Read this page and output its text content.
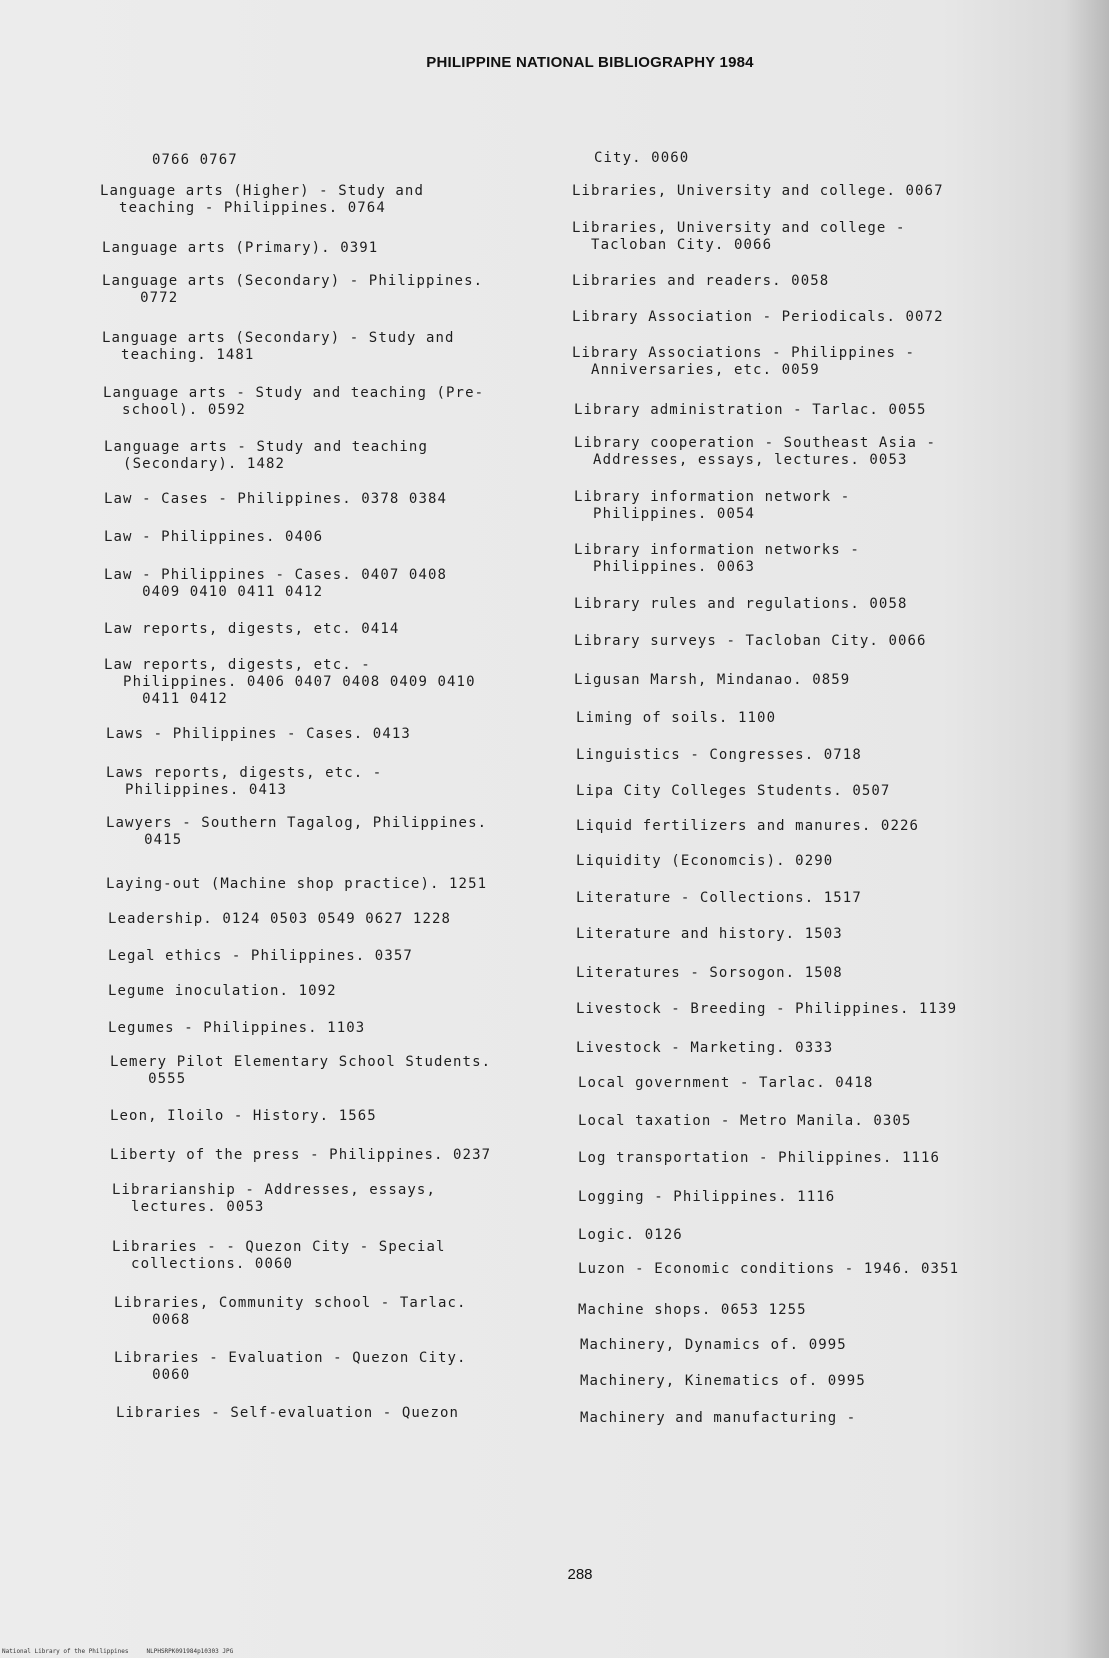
PHILIPPINE NATIONAL BIBLIOGRAPHY 1984
0766 0767
Language arts (Higher) - Study and
teaching - Philippines. 0764
Language arts (Primary). 0391
Language arts (Secondary) - Philippines.
0772
Language arts (Secondary) - Study and
teaching. 1481
Language arts - Study and teaching (Pre-
school). 0592
Language arts - Study and teaching
(Secondary). 1482
Law - Cases - Philippines. 0378 0384
Law - Philippines. 0406
Law - Philippines - Cases. 0407 0408
0409 0410 0411 0412
Law reports, digests, etc. 0414
Law reports, digests, etc. -
Philippines. 0406 0407 0408 0409 0410
0411 0412
Laws - Philippines - Cases. 0413
Laws reports, digests, etc. -
Philippines. 0413
Lawyers - Southern Tagalog, Philippines.
0415
Laying-out (Machine shop practice). 1251
Leadership. 0124 0503 0549 0627 1228
Legal ethics - Philippines. 0357
Legume inoculation. 1092
Legumes - Philippines. 1103
Lemery Pilot Elementary School Students.
0555
Leon, Iloilo - History. 1565
Liberty of the press - Philippines. 0237
Librarianship - Addresses, essays,
lectures. 0053
Libraries - - Quezon City - Special
collections. 0060
Libraries, Community school - Tarlac.
0068
Libraries - Evaluation - Quezon City.
0060
Libraries - Self-evaluation - Quezon
City. 0060
Libraries, University and college. 0067
Libraries, University and college -
Tacloban City. 0066
Libraries and readers. 0058
Library Association - Periodicals. 0072
Library Associations - Philippines -
Anniversaries, etc. 0059
Library administration - Tarlac. 0055
Library cooperation - Southeast Asia -
Addresses, essays, lectures. 0053
Library information network -
Philippines. 0054
Library information networks -
Philippines. 0063
Library rules and regulations. 0058
Library surveys - Tacloban City. 0066
Ligusan Marsh, Mindanao. 0859
Liming of soils. 1100
Linguistics - Congresses. 0718
Lipa City Colleges Students. 0507
Liquid fertilizers and manures. 0226
Liquidity (Economcis). 0290
Literature - Collections. 1517
Literature and history. 1503
Literatures - Sorsogon. 1508
Livestock - Breeding - Philippines. 1139
Livestock - Marketing. 0333
Local government - Tarlac. 0418
Local taxation - Metro Manila. 0305
Log transportation - Philippines. 1116
Logging - Philippines. 1116
Logic. 0126
Luzon - Economic conditions - 1946. 0351
Machine shops. 0653 1255
Machinery, Dynamics of. 0995
Machinery, Kinematics of. 0995
Machinery and manufacturing -
288
National Library of the Philippines     NLPHSRPK091984p10303 JPG
